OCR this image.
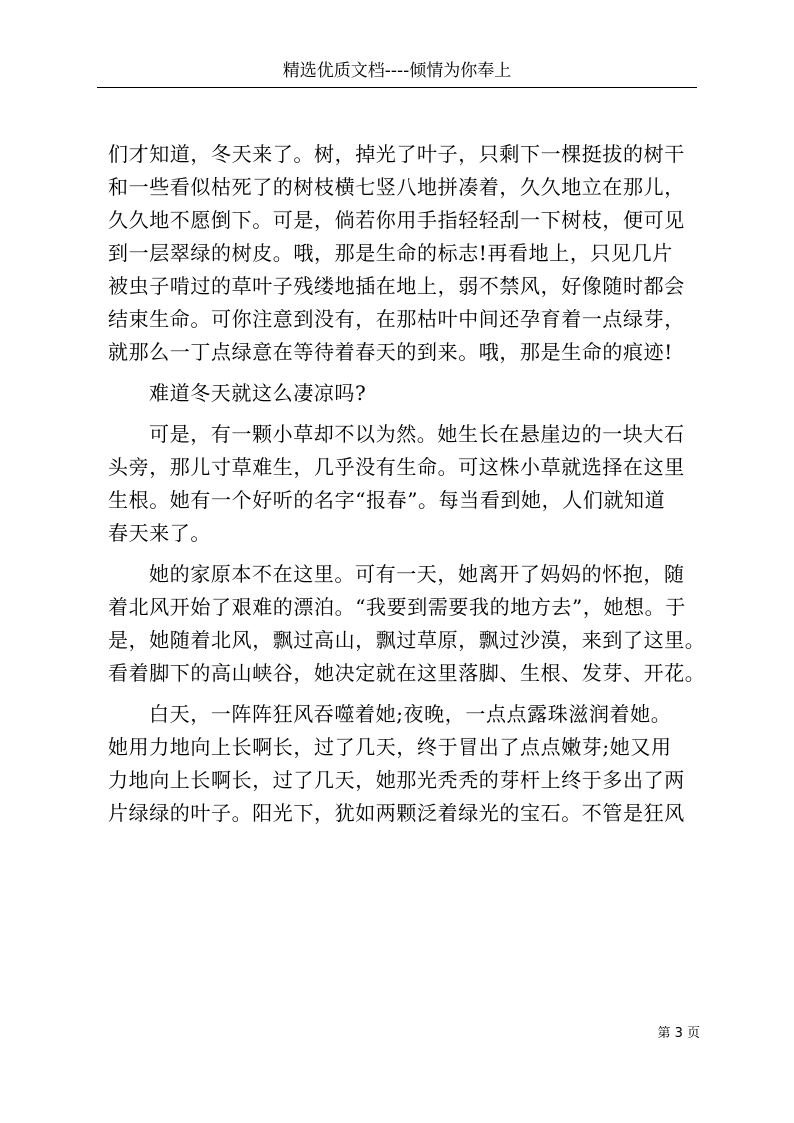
精选优质文档----倾情为你奉上
们才知道，冬天来了。树，掉光了叶子，只剩下一棵挺拔的树干
和一些看似枯死了的树枝横七竖八地拼凑着，久久地立在那儿，
久久地不愿倒下。可是，倘若你用手指轻轻刮一下树枝，便可见
到一层翠绿的树皮。哦，那是生命的标志!再看地上，只见几片
被虫子啃过的草叶子残缕地插在地上，弱不禁风，好像随时都会
结束生命。可你注意到没有，在那枯叶中间还孕育着一点绿芽，
就那么一丁点绿意在等待着春天的到来。哦，那是生命的痕迹!
难道冬天就这么凄凉吗?
可是，有一颗小草却不以为然。她生长在悬崖边的一块大石
头旁，那儿寸草难生，几乎没有生命。可这株小草就选择在这里
生根。她有一个好听的名字“报春”。每当看到她，人们就知道
春天来了。
她的家原本不在这里。可有一天，她离开了妈妈的怀抱，随
着北风开始了艰难的漂泊。“我要到需要我的地方去”，她想。于
是，她随着北风，飘过高山，飘过草原，飘过沙漠，来到了这里。
看着脚下的高山峡谷，她决定就在这里落脚、生根、发芽、开花。
白天，一阵阵狂风吞噬着她;夜晚，一点点露珠滋润着她。
她用力地向上长啊长，过了几天，终于冒出了点点嫩芽;她又用
力地向上长啊长，过了几天，她那光秃秃的芽杆上终于多出了两
片绿绿的叶子。阳光下，犹如两颗泛着绿光的宝石。不管是狂风
第 3 页
